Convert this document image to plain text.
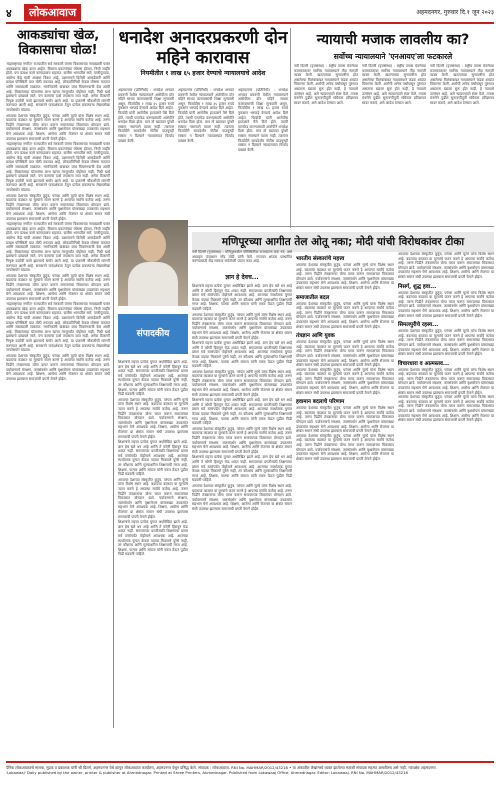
४	लोकआवाज	अहमदनगर, गुरुवार दि.१ जून २०२३
आकड्यांचा खेळ, विकासाचा घोळ!

'महाराष्ट्राच्या नगरीत' राज्यातील सर्व सरकारी यंत्रणा विकासाच्या नावाखाली फक्त आकड्यांचा खेळ करत आहेत. विकास प्रकल्पांच्या घोषणा होतात, निधी जाहीर होतो, पण प्रत्यक्ष कामे कागदावरच राहतात. ग्रामीण भागातील रस्ते, पाणीपुरवठा, आरोग्य केंद्रे यांची अवस्था बिकट आहे. प्रशासनाने दिलेली आकडेवारी आणि प्रत्यक्ष परिस्थिती यात मोठी तफावत आहे. लोकप्रतिनिधी केवळ घोषणा करतात आणि जबाबदारी टाळतात. नागरिकांनी याबाबत जाब विचारण्याची वेळ आली आहे. विकासाच्या योजनांचा लाभ खऱ्या गरजूंपर्यंत पोहोचत नाही. निधी खर्च झाल्याचे दाखवले जाते, पण कामाचा दर्जा तपासला जात नाही. अनेक ठिकाणी निकृष्ट दर्जाची कामे झाल्याचे समोर आले आहे. या प्रकरणी चौकशीची मागणी करण्यात आली आहे. सरकारने पारदर्शकता ठेवून प्रत्येक प्रकल्पाचा लेखाजोखा जनतेसमोर मांडावा.

आपल्या देशाच्या संस्कृतीत कुटुंब, परंपरा आणि मूल्ये यांना विशेष स्थान आहे. बदलत्या काळात या मूल्यांचे जतन करणे हे आपल्या सर्वांचे कर्तव्य आहे. तरुण पिढीने तंत्रज्ञानाचा योग्य वापर करून समाजाच्या विकासात योगदान द्यावे. पर्यावरणाचे संरक्षण, जलसंवर्धन आणि वृक्षारोपण यांसारख्या उपक्रमांत सहभाग घेणे आवश्यक आहे. शिक्षण, आरोग्य आणि रोजगार या क्षेत्रांत समान संधी उपलब्ध झाल्यास समाजाची प्रगती वेगाने होईल.

'महाराष्ट्राच्या नगरीत' राज्यातील सर्व सरकारी यंत्रणा विकासाच्या नावाखाली फक्त आकड्यांचा खेळ करत आहेत. विकास प्रकल्पांच्या घोषणा होतात, निधी जाहीर होतो, पण प्रत्यक्ष कामे कागदावरच राहतात. ग्रामीण भागातील रस्ते, पाणीपुरवठा, आरोग्य केंद्रे यांची अवस्था बिकट आहे. प्रशासनाने दिलेली आकडेवारी आणि प्रत्यक्ष परिस्थिती यात मोठी तफावत आहे. लोकप्रतिनिधी केवळ घोषणा करतात आणि जबाबदारी टाळतात. नागरिकांनी याबाबत जाब विचारण्याची वेळ आली आहे. विकासाच्या योजनांचा लाभ खऱ्या गरजूंपर्यंत पोहोचत नाही. निधी खर्च झाल्याचे दाखवले जाते, पण कामाचा दर्जा तपासला जात नाही. अनेक ठिकाणी निकृष्ट दर्जाची कामे झाल्याचे समोर आले आहे. या प्रकरणी चौकशीची मागणी करण्यात आली आहे. सरकारने पारदर्शकता ठेवून प्रत्येक प्रकल्पाचा लेखाजोखा जनतेसमोर मांडावा.

आपल्या देशाच्या संस्कृतीत कुटुंब, परंपरा आणि मूल्ये यांना विशेष स्थान आहे. बदलत्या काळात या मूल्यांचे जतन करणे हे आपल्या सर्वांचे कर्तव्य आहे. तरुण पिढीने तंत्रज्ञानाचा योग्य वापर करून समाजाच्या विकासात योगदान द्यावे. पर्यावरणाचे संरक्षण, जलसंवर्धन आणि वृक्षारोपण यांसारख्या उपक्रमांत सहभाग घेणे आवश्यक आहे. शिक्षण, आरोग्य आणि रोजगार या क्षेत्रांत समान संधी उपलब्ध झाल्यास समाजाची प्रगती वेगाने होईल.

'महाराष्ट्राच्या नगरीत' राज्यातील सर्व सरकारी यंत्रणा विकासाच्या नावाखाली फक्त आकड्यांचा खेळ करत आहेत. विकास प्रकल्पांच्या घोषणा होतात, निधी जाहीर होतो, पण प्रत्यक्ष कामे कागदावरच राहतात. ग्रामीण भागातील रस्ते, पाणीपुरवठा, आरोग्य केंद्रे यांची अवस्था बिकट आहे. प्रशासनाने दिलेली आकडेवारी आणि प्रत्यक्ष परिस्थिती यात मोठी तफावत आहे. लोकप्रतिनिधी केवळ घोषणा करतात आणि जबाबदारी टाळतात. नागरिकांनी याबाबत जाब विचारण्याची वेळ आली आहे. विकासाच्या योजनांचा लाभ खऱ्या गरजूंपर्यंत पोहोचत नाही. निधी खर्च झाल्याचे दाखवले जाते, पण कामाचा दर्जा तपासला जात नाही. अनेक ठिकाणी निकृष्ट दर्जाची कामे झाल्याचे समोर आले आहे. या प्रकरणी चौकशीची मागणी करण्यात आली आहे. सरकारने पारदर्शकता ठेवून प्रत्येक प्रकल्पाचा लेखाजोखा जनतेसमोर मांडावा.

आपल्या देशाच्या संस्कृतीत कुटुंब, परंपरा आणि मूल्ये यांना विशेष स्थान आहे. बदलत्या काळात या मूल्यांचे जतन करणे हे आपल्या सर्वांचे कर्तव्य आहे. तरुण पिढीने तंत्रज्ञानाचा योग्य वापर करून समाजाच्या विकासात योगदान द्यावे. पर्यावरणाचे संरक्षण, जलसंवर्धन आणि वृक्षारोपण यांसारख्या उपक्रमांत सहभाग घेणे आवश्यक आहे. शिक्षण, आरोग्य आणि रोजगार या क्षेत्रांत समान संधी उपलब्ध झाल्यास समाजाची प्रगती वेगाने होईल.

'महाराष्ट्राच्या नगरीत' राज्यातील सर्व सरकारी यंत्रणा विकासाच्या नावाखाली फक्त आकड्यांचा खेळ करत आहेत. विकास प्रकल्पांच्या घोषणा होतात, निधी जाहीर होतो, पण प्रत्यक्ष कामे कागदावरच राहतात. ग्रामीण भागातील रस्ते, पाणीपुरवठा, आरोग्य केंद्रे यांची अवस्था बिकट आहे. प्रशासनाने दिलेली आकडेवारी आणि प्रत्यक्ष परिस्थिती यात मोठी तफावत आहे. लोकप्रतिनिधी केवळ घोषणा करतात आणि जबाबदारी टाळतात. नागरिकांनी याबाबत जाब विचारण्याची वेळ आली आहे. विकासाच्या योजनांचा लाभ खऱ्या गरजूंपर्यंत पोहोचत नाही. निधी खर्च झाल्याचे दाखवले जाते, पण कामाचा दर्जा तपासला जात नाही. अनेक ठिकाणी निकृष्ट दर्जाची कामे झाल्याचे समोर आले आहे. या प्रकरणी चौकशीची मागणी करण्यात आली आहे. सरकारने पारदर्शकता ठेवून प्रत्येक प्रकल्पाचा लेखाजोखा जनतेसमोर मांडावा.

आपल्या देशाच्या संस्कृतीत कुटुंब, परंपरा आणि मूल्ये यांना विशेष स्थान आहे. बदलत्या काळात या मूल्यांचे जतन करणे हे आपल्या सर्वांचे कर्तव्य आहे. तरुण पिढीने तंत्रज्ञानाचा योग्य वापर करून समाजाच्या विकासात योगदान द्यावे. पर्यावरणाचे संरक्षण, जलसंवर्धन आणि वृक्षारोपण यांसारख्या उपक्रमांत सहभाग घेणे आवश्यक आहे. शिक्षण, आरोग्य आणि रोजगार या क्षेत्रांत समान संधी उपलब्ध झाल्यास समाजाची प्रगती वेगाने होईल.

धनादेश अनादरप्रकरणी दोन महिने कारावास
नियमीतीत १ लाख ६५ हजार देण्याचे न्यायालयाचे आदेश
न्यायाची मजाक लावलीय का?
सर्वोच्च न्यायालयाने 'एनआयए'ला फटकारले
अहमदनगर (प्रतिनिधी) : धनादेश अनादर प्रकरणी येथील न्यायालयाने आरोपीला दोन महिने साध्या कारावासाची शिक्षा सुनावली असून, फिर्यादीस १ लाख ६५ हजार रुपये नुकसान भरपाई देण्याचे आदेश दिले आहेत. फिर्यादी यांनी आरोपीस हातउसने पैसे दिले होते. त्याची परतफेड करण्यासाठी आरोपीने धनादेश दिला होता. मात्र तो खात्यात पुरेशी रक्कम नसल्याने वटला नाही. त्यानंतर फिर्यादीने कायदेशीर नोटीस पाठवूनही रक्कम न दिल्याने न्यायालयात फिर्याद दाखल केली.
अहमदनगर (प्रतिनिधी) : धनादेश अनादर प्रकरणी येथील न्यायालयाने आरोपीला दोन महिने साध्या कारावासाची शिक्षा सुनावली असून, फिर्यादीस १ लाख ६५ हजार रुपये नुकसान भरपाई देण्याचे आदेश दिले आहेत. फिर्यादी यांनी आरोपीस हातउसने पैसे दिले होते. त्याची परतफेड करण्यासाठी आरोपीने धनादेश दिला होता. मात्र तो खात्यात पुरेशी रक्कम नसल्याने वटला नाही. त्यानंतर फिर्यादीने कायदेशीर नोटीस पाठवूनही रक्कम न दिल्याने न्यायालयात फिर्याद दाखल केली.
अहमदनगर (प्रतिनिधी) : धनादेश अनादर प्रकरणी येथील न्यायालयाने आरोपीला दोन महिने साध्या कारावासाची शिक्षा सुनावली असून, फिर्यादीस १ लाख ६५ हजार रुपये नुकसान भरपाई देण्याचे आदेश दिले आहेत. फिर्यादी यांनी आरोपीस हातउसने पैसे दिले होते. त्याची परतफेड करण्यासाठी आरोपीने धनादेश दिला होता. मात्र तो खात्यात पुरेशी रक्कम नसल्याने वटला नाही. त्यानंतर फिर्यादीने कायदेशीर नोटीस पाठवूनही रक्कम न दिल्याने न्यायालयात फिर्याद दाखल केली.
नवी दिल्ली (वृत्तसंस्था) : राष्ट्रीय तपास यंत्रणेच्या कामकाजावर सर्वोच्च न्यायालयाने तीव्र नाराजी व्यक्त केली. खटल्याच्या सुनावणीस होत असलेल्या विलंबाबाबत न्यायालयाने कडक शब्दांत विचारणा केली. आरोपी अनेक वर्षांपासून तुरुंगात असताना खटला सुरू होत नाही, हे न्यायाचे उल्लंघन आहे, असे न्यायालयाने स्पष्ट केले. तपास यंत्रणेने पुढील सुनावणीपूर्वी सविस्तर प्रतिज्ञापत्र सादर करावे, असे आदेश देण्यात आले.
नवी दिल्ली (वृत्तसंस्था) : राष्ट्रीय तपास यंत्रणेच्या कामकाजावर सर्वोच्च न्यायालयाने तीव्र नाराजी व्यक्त केली. खटल्याच्या सुनावणीस होत असलेल्या विलंबाबाबत न्यायालयाने कडक शब्दांत विचारणा केली. आरोपी अनेक वर्षांपासून तुरुंगात असताना खटला सुरू होत नाही, हे न्यायाचे उल्लंघन आहे, असे न्यायालयाने स्पष्ट केले. तपास यंत्रणेने पुढील सुनावणीपूर्वी सविस्तर प्रतिज्ञापत्र सादर करावे, असे आदेश देण्यात आले.
नवी दिल्ली (वृत्तसंस्था) : राष्ट्रीय तपास यंत्रणेच्या कामकाजावर सर्वोच्च न्यायालयाने तीव्र नाराजी व्यक्त केली. खटल्याच्या सुनावणीस होत असलेल्या विलंबाबाबत न्यायालयाने कडक शब्दांत विचारणा केली. आरोपी अनेक वर्षांपासून तुरुंगात असताना खटला सुरू होत नाही, हे न्यायाचे उल्लंघन आहे, असे न्यायालयाने स्पष्ट केले. तपास यंत्रणेने पुढील सुनावणीपूर्वी सविस्तर प्रतिज्ञापत्र सादर करावे, असे आदेश देण्यात आले.
मणिपूरच्या आगीत तेल ओतू नका; मोदी यांची विरोधकांवर टीका
नवी दिल्ली (वृत्तसंस्था) : मणिपूरमधील परिस्थितीवर राजकारण करू नये, असे आवाहन पंतप्रधान नरेंद्र मोदी यांनी केले. राज्यात शांतता प्रस्थापित करण्यासाठी केंद्र सरकार सर्वतोपरी प्रयत्न करत आहे.
संपादकीय
ज्ञान हे देवच...

शिक्षणाचे महत्त्व प्रत्येक युगात अधोरेखित झाले आहे. ज्ञान हेच खरे धन आहे आणि ते कोणी हिरावून घेऊ शकत नाही. समाजाच्या प्रगतीसाठी शिक्षणाचा प्रसार सर्व स्तरांपर्यंत पोहोचणे आवश्यक आहे. आजच्या स्पर्धात्मक युगात केवळ पदव्या मिळवणे पुरेसे नाही, तर कौशल्य आणि मूल्याधारित शिक्षणाची गरज आहे. शिक्षक, पालक आणि समाज यांनी एकत्र येऊन पुढील पिढी घडवली पाहिजे.

आपल्या देशाच्या संस्कृतीत कुटुंब, परंपरा आणि मूल्ये यांना विशेष स्थान आहे. बदलत्या काळात या मूल्यांचे जतन करणे हे आपल्या सर्वांचे कर्तव्य आहे. तरुण पिढीने तंत्रज्ञानाचा योग्य वापर करून समाजाच्या विकासात योगदान द्यावे. पर्यावरणाचे संरक्षण, जलसंवर्धन आणि वृक्षारोपण यांसारख्या उपक्रमांत सहभाग घेणे आवश्यक आहे. शिक्षण, आरोग्य आणि रोजगार या क्षेत्रांत समान संधी उपलब्ध झाल्यास समाजाची प्रगती वेगाने होईल.

शिक्षणाचे महत्त्व प्रत्येक युगात अधोरेखित झाले आहे. ज्ञान हेच खरे धन आहे आणि ते कोणी हिरावून घेऊ शकत नाही. समाजाच्या प्रगतीसाठी शिक्षणाचा प्रसार सर्व स्तरांपर्यंत पोहोचणे आवश्यक आहे. आजच्या स्पर्धात्मक युगात केवळ पदव्या मिळवणे पुरेसे नाही, तर कौशल्य आणि मूल्याधारित शिक्षणाची गरज आहे. शिक्षक, पालक आणि समाज यांनी एकत्र येऊन पुढील पिढी घडवली पाहिजे.

आपल्या देशाच्या संस्कृतीत कुटुंब, परंपरा आणि मूल्ये यांना विशेष स्थान आहे. बदलत्या काळात या मूल्यांचे जतन करणे हे आपल्या सर्वांचे कर्तव्य आहे. तरुण पिढीने तंत्रज्ञानाचा योग्य वापर करून समाजाच्या विकासात योगदान द्यावे. पर्यावरणाचे संरक्षण, जलसंवर्धन आणि वृक्षारोपण यांसारख्या उपक्रमांत सहभाग घेणे आवश्यक आहे. शिक्षण, आरोग्य आणि रोजगार या क्षेत्रांत समान संधी उपलब्ध झाल्यास समाजाची प्रगती वेगाने होईल.

शिक्षणाचे महत्त्व प्रत्येक युगात अधोरेखित झाले आहे. ज्ञान हेच खरे धन आहे आणि ते कोणी हिरावून घेऊ शकत नाही. समाजाच्या प्रगतीसाठी शिक्षणाचा प्रसार सर्व स्तरांपर्यंत पोहोचणे आवश्यक आहे. आजच्या स्पर्धात्मक युगात केवळ पदव्या मिळवणे पुरेसे नाही, तर कौशल्य आणि मूल्याधारित शिक्षणाची गरज आहे. शिक्षक, पालक आणि समाज यांनी एकत्र येऊन पुढील पिढी घडवली पाहिजे.

आपल्या देशाच्या संस्कृतीत कुटुंब, परंपरा आणि मूल्ये यांना विशेष स्थान आहे. बदलत्या काळात या मूल्यांचे जतन करणे हे आपल्या सर्वांचे कर्तव्य आहे. तरुण पिढीने तंत्रज्ञानाचा योग्य वापर करून समाजाच्या विकासात योगदान द्यावे. पर्यावरणाचे संरक्षण, जलसंवर्धन आणि वृक्षारोपण यांसारख्या उपक्रमांत सहभाग घेणे आवश्यक आहे. शिक्षण, आरोग्य आणि रोजगार या क्षेत्रांत समान संधी उपलब्ध झाल्यास समाजाची प्रगती वेगाने होईल.

शिक्षणाचे महत्त्व प्रत्येक युगात अधोरेखित झाले आहे. ज्ञान हेच खरे धन आहे आणि ते कोणी हिरावून घेऊ शकत नाही. समाजाच्या प्रगतीसाठी शिक्षणाचा प्रसार सर्व स्तरांपर्यंत पोहोचणे आवश्यक आहे. आजच्या स्पर्धात्मक युगात केवळ पदव्या मिळवणे पुरेसे नाही, तर कौशल्य आणि मूल्याधारित शिक्षणाची गरज आहे. शिक्षक, पालक आणि समाज यांनी एकत्र येऊन पुढील पिढी घडवली पाहिजे.

आपल्या देशाच्या संस्कृतीत कुटुंब, परंपरा आणि मूल्ये यांना विशेष स्थान आहे. बदलत्या काळात या मूल्यांचे जतन करणे हे आपल्या सर्वांचे कर्तव्य आहे. तरुण पिढीने तंत्रज्ञानाचा योग्य वापर करून समाजाच्या विकासात योगदान द्यावे. पर्यावरणाचे संरक्षण, जलसंवर्धन आणि वृक्षारोपण यांसारख्या उपक्रमांत सहभाग घेणे आवश्यक आहे. शिक्षण, आरोग्य आणि रोजगार या क्षेत्रांत समान संधी उपलब्ध झाल्यास समाजाची प्रगती वेगाने होईल.

शिक्षणाचे महत्त्व प्रत्येक युगात अधोरेखित झाले आहे. ज्ञान हेच खरे धन आहे आणि ते कोणी हिरावून घेऊ शकत नाही. समाजाच्या प्रगतीसाठी शिक्षणाचा प्रसार सर्व स्तरांपर्यंत पोहोचणे आवश्यक आहे. आजच्या स्पर्धात्मक युगात केवळ पदव्या मिळवणे पुरेसे नाही, तर कौशल्य आणि मूल्याधारित शिक्षणाची गरज आहे. शिक्षक, पालक आणि समाज यांनी एकत्र येऊन पुढील पिढी घडवली पाहिजे.

आपल्या देशाच्या संस्कृतीत कुटुंब, परंपरा आणि मूल्ये यांना विशेष स्थान आहे. बदलत्या काळात या मूल्यांचे जतन करणे हे आपल्या सर्वांचे कर्तव्य आहे. तरुण पिढीने तंत्रज्ञानाचा योग्य वापर करून समाजाच्या विकासात योगदान द्यावे. पर्यावरणाचे संरक्षण, जलसंवर्धन आणि वृक्षारोपण यांसारख्या उपक्रमांत सहभाग घेणे आवश्यक आहे. शिक्षण, आरोग्य आणि रोजगार या क्षेत्रांत समान संधी उपलब्ध झाल्यास समाजाची प्रगती वेगाने होईल.

शिक्षणाचे महत्त्व प्रत्येक युगात अधोरेखित झाले आहे. ज्ञान हेच खरे धन आहे आणि ते कोणी हिरावून घेऊ शकत नाही. समाजाच्या प्रगतीसाठी शिक्षणाचा प्रसार सर्व स्तरांपर्यंत पोहोचणे आवश्यक आहे. आजच्या स्पर्धात्मक युगात केवळ पदव्या मिळवणे पुरेसे नाही, तर कौशल्य आणि मूल्याधारित शिक्षणाची गरज आहे. शिक्षक, पालक आणि समाज यांनी एकत्र येऊन पुढील पिढी घडवली पाहिजे.

आपल्या देशाच्या संस्कृतीत कुटुंब, परंपरा आणि मूल्ये यांना विशेष स्थान आहे. बदलत्या काळात या मूल्यांचे जतन करणे हे आपल्या सर्वांचे कर्तव्य आहे. तरुण पिढीने तंत्रज्ञानाचा योग्य वापर करून समाजाच्या विकासात योगदान द्यावे. पर्यावरणाचे संरक्षण, जलसंवर्धन आणि वृक्षारोपण यांसारख्या उपक्रमांत सहभाग घेणे आवश्यक आहे. शिक्षण, आरोग्य आणि रोजगार या क्षेत्रांत समान संधी उपलब्ध झाल्यास समाजाची प्रगती वेगाने होईल.

शिक्षणाचे महत्त्व प्रत्येक युगात अधोरेखित झाले आहे. ज्ञान हेच खरे धन आहे आणि ते कोणी हिरावून घेऊ शकत नाही. समाजाच्या प्रगतीसाठी शिक्षणाचा प्रसार सर्व स्तरांपर्यंत पोहोचणे आवश्यक आहे. आजच्या स्पर्धात्मक युगात केवळ पदव्या मिळवणे पुरेसे नाही, तर कौशल्य आणि मूल्याधारित शिक्षणाची गरज आहे. शिक्षक, पालक आणि समाज यांनी एकत्र येऊन पुढील पिढी घडवली पाहिजे.

भारतीय संस्कारांचे महत्त्व
आपल्या देशाच्या संस्कृतीत कुटुंब, परंपरा आणि मूल्ये यांना विशेष स्थान आहे. बदलत्या काळात या मूल्यांचे जतन करणे हे आपल्या सर्वांचे कर्तव्य आहे. तरुण पिढीने तंत्रज्ञानाचा योग्य वापर करून समाजाच्या विकासात योगदान द्यावे. पर्यावरणाचे संरक्षण, जलसंवर्धन आणि वृक्षारोपण यांसारख्या उपक्रमांत सहभाग घेणे आवश्यक आहे. शिक्षण, आरोग्य आणि रोजगार या क्षेत्रांत समान संधी उपलब्ध झाल्यास समाजाची प्रगती वेगाने होईल.
समाजातील बदल
आपल्या देशाच्या संस्कृतीत कुटुंब, परंपरा आणि मूल्ये यांना विशेष स्थान आहे. बदलत्या काळात या मूल्यांचे जतन करणे हे आपल्या सर्वांचे कर्तव्य आहे. तरुण पिढीने तंत्रज्ञानाचा योग्य वापर करून समाजाच्या विकासात योगदान द्यावे. पर्यावरणाचे संरक्षण, जलसंवर्धन आणि वृक्षारोपण यांसारख्या उपक्रमांत सहभाग घेणे आवश्यक आहे. शिक्षण, आरोग्य आणि रोजगार या क्षेत्रांत समान संधी उपलब्ध झाल्यास समाजाची प्रगती वेगाने होईल.
तंत्रज्ञान आणि युवक
आपल्या देशाच्या संस्कृतीत कुटुंब, परंपरा आणि मूल्ये यांना विशेष स्थान आहे. बदलत्या काळात या मूल्यांचे जतन करणे हे आपल्या सर्वांचे कर्तव्य आहे. तरुण पिढीने तंत्रज्ञानाचा योग्य वापर करून समाजाच्या विकासात योगदान द्यावे. पर्यावरणाचे संरक्षण, जलसंवर्धन आणि वृक्षारोपण यांसारख्या उपक्रमांत सहभाग घेणे आवश्यक आहे. शिक्षण, आरोग्य आणि रोजगार या क्षेत्रांत समान संधी उपलब्ध झाल्यास समाजाची प्रगती वेगाने होईल.
आपल्या देशाच्या संस्कृतीत कुटुंब, परंपरा आणि मूल्ये यांना विशेष स्थान आहे. बदलत्या काळात या मूल्यांचे जतन करणे हे आपल्या सर्वांचे कर्तव्य आहे. तरुण पिढीने तंत्रज्ञानाचा योग्य वापर करून समाजाच्या विकासात योगदान द्यावे. पर्यावरणाचे संरक्षण, जलसंवर्धन आणि वृक्षारोपण यांसारख्या उपक्रमांत सहभाग घेणे आवश्यक आहे. शिक्षण, आरोग्य आणि रोजगार या क्षेत्रांत समान संधी उपलब्ध झाल्यास समाजाची प्रगती वेगाने होईल.
हवामान बदलाचे परिणाम
आपल्या देशाच्या संस्कृतीत कुटुंब, परंपरा आणि मूल्ये यांना विशेष स्थान आहे. बदलत्या काळात या मूल्यांचे जतन करणे हे आपल्या सर्वांचे कर्तव्य आहे. तरुण पिढीने तंत्रज्ञानाचा योग्य वापर करून समाजाच्या विकासात योगदान द्यावे. पर्यावरणाचे संरक्षण, जलसंवर्धन आणि वृक्षारोपण यांसारख्या उपक्रमांत सहभाग घेणे आवश्यक आहे. शिक्षण, आरोग्य आणि रोजगार या क्षेत्रांत समान संधी उपलब्ध झाल्यास समाजाची प्रगती वेगाने होईल.
आपल्या देशाच्या संस्कृतीत कुटुंब, परंपरा आणि मूल्ये यांना विशेष स्थान आहे. बदलत्या काळात या मूल्यांचे जतन करणे हे आपल्या सर्वांचे कर्तव्य आहे. तरुण पिढीने तंत्रज्ञानाचा योग्य वापर करून समाजाच्या विकासात योगदान द्यावे. पर्यावरणाचे संरक्षण, जलसंवर्धन आणि वृक्षारोपण यांसारख्या उपक्रमांत सहभाग घेणे आवश्यक आहे. शिक्षण, आरोग्य आणि रोजगार या क्षेत्रांत समान संधी उपलब्ध झाल्यास समाजाची प्रगती वेगाने होईल.
आपल्या देशाच्या संस्कृतीत कुटुंब, परंपरा आणि मूल्ये यांना विशेष स्थान आहे. बदलत्या काळात या मूल्यांचे जतन करणे हे आपल्या सर्वांचे कर्तव्य आहे. तरुण पिढीने तंत्रज्ञानाचा योग्य वापर करून समाजाच्या विकासात योगदान द्यावे. पर्यावरणाचे संरक्षण, जलसंवर्धन आणि वृक्षारोपण यांसारख्या उपक्रमांत सहभाग घेणे आवश्यक आहे. शिक्षण, आरोग्य आणि रोजगार या क्षेत्रांत समान संधी उपलब्ध झाल्यास समाजाची प्रगती वेगाने होईल.
निसर्ग, शुद्ध हवा...
आपल्या देशाच्या संस्कृतीत कुटुंब, परंपरा आणि मूल्ये यांना विशेष स्थान आहे. बदलत्या काळात या मूल्यांचे जतन करणे हे आपल्या सर्वांचे कर्तव्य आहे. तरुण पिढीने तंत्रज्ञानाचा योग्य वापर करून समाजाच्या विकासात योगदान द्यावे. पर्यावरणाचे संरक्षण, जलसंवर्धन आणि वृक्षारोपण यांसारख्या उपक्रमांत सहभाग घेणे आवश्यक आहे. शिक्षण, आरोग्य आणि रोजगार या क्षेत्रांत समान संधी उपलब्ध झाल्यास समाजाची प्रगती वेगाने होईल.
सिमलपुरीचे रहस्य...
आपल्या देशाच्या संस्कृतीत कुटुंब, परंपरा आणि मूल्ये यांना विशेष स्थान आहे. बदलत्या काळात या मूल्यांचे जतन करणे हे आपल्या सर्वांचे कर्तव्य आहे. तरुण पिढीने तंत्रज्ञानाचा योग्य वापर करून समाजाच्या विकासात योगदान द्यावे. पर्यावरणाचे संरक्षण, जलसंवर्धन आणि वृक्षारोपण यांसारख्या उपक्रमांत सहभाग घेणे आवश्यक आहे. शिक्षण, आरोग्य आणि रोजगार या क्षेत्रांत समान संधी उपलब्ध झाल्यास समाजाची प्रगती वेगाने होईल.
विचारधारा व आत्मस्तव...
आपल्या देशाच्या संस्कृतीत कुटुंब, परंपरा आणि मूल्ये यांना विशेष स्थान आहे. बदलत्या काळात या मूल्यांचे जतन करणे हे आपल्या सर्वांचे कर्तव्य आहे. तरुण पिढीने तंत्रज्ञानाचा योग्य वापर करून समाजाच्या विकासात योगदान द्यावे. पर्यावरणाचे संरक्षण, जलसंवर्धन आणि वृक्षारोपण यांसारख्या उपक्रमांत सहभाग घेणे आवश्यक आहे. शिक्षण, आरोग्य आणि रोजगार या क्षेत्रांत समान संधी उपलब्ध झाल्यास समाजाची प्रगती वेगाने होईल.
आपल्या देशाच्या संस्कृतीत कुटुंब, परंपरा आणि मूल्ये यांना विशेष स्थान आहे. बदलत्या काळात या मूल्यांचे जतन करणे हे आपल्या सर्वांचे कर्तव्य आहे. तरुण पिढीने तंत्रज्ञानाचा योग्य वापर करून समाजाच्या विकासात योगदान द्यावे. पर्यावरणाचे संरक्षण, जलसंवर्धन आणि वृक्षारोपण यांसारख्या उपक्रमांत सहभाग घेणे आवश्यक आहे. शिक्षण, आरोग्य आणि रोजगार या क्षेत्रांत समान संधी उपलब्ध झाल्यास समाजाची प्रगती वेगाने होईल.
दैनिक लोकआवाजचे मालक, मुद्रक व प्रकाशक यांनी श्री प्रिंटर्स, अहमदनगर येथे छापून लोकआवाज कार्यालय, अहमदनगर येथून प्रसिद्ध केले. संपादक : लोकआवाज. RNI No. MAHMAR/2012/43216 • या अंकातील लेखांमध्ये व्यक्त झालेल्या मतांशी संपादक सहमत असतीलच असे नाही. न्यायक्षेत्र अहमदनगर.
'Lokawaaj' Daily published by the owner, printer & publisher at Ahmednagar. Printed at Shree Printers, Ahmednagar. Published from Lokawaaj Office, Ahmednagar. Editor: Lokawaaj. RNI No. MAHMAR/2012/43216
